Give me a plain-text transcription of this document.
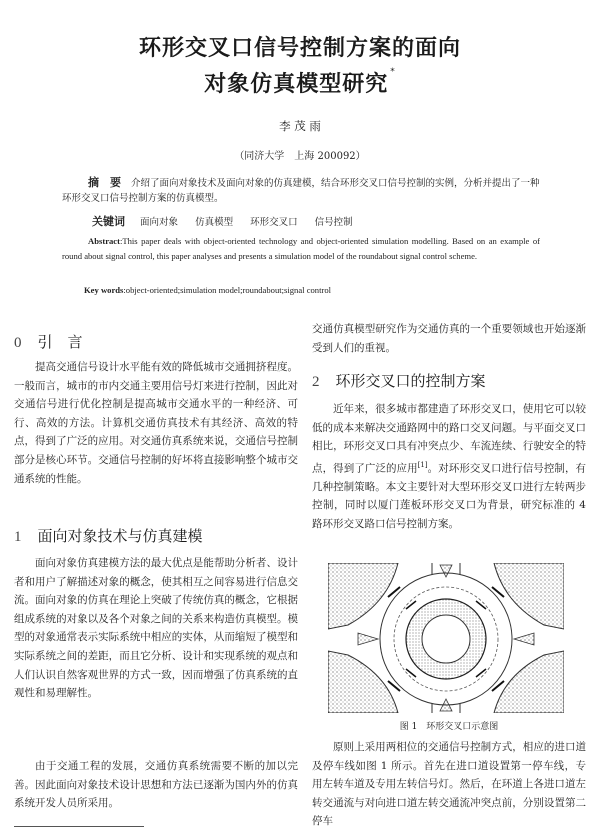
环形交叉口信号控制方案的面向
对象仿真模型研究 *
李 茂 雨
（同济大学　上海 200092）
摘　要 介绍了面向对象技术及面向对象的仿真建模，结合环形交叉口信号控制的实例，分析并提出了一种环形交叉口信号控制方案的仿真模型。
关键词 面向对象 仿真模型 环形交叉口 信号控制
Abstract:This paper deals with object-oriented technology and object-oriented simulation modelling. Based on an example of round about signal control, this paper analyses and presents a simulation model of the roundabout signal control scheme.
Key words:object-oriented;simulation model;roundabout;signal control
0 引　言
提高交通信号设计水平能有效的降低城市交通拥挤程度。一般而言，城市的市内交通主要用信号灯来进行控制，因此对交通信号进行优化控制是提高城市交通水平的一种经济、可行、高效的方法。计算机交通仿真技术有其经济、高效的特点，得到了广泛的应用。对交通仿真系统来说，交通信号控制部分是核心环节。交通信号控制的好坏将直接影响整个城市交通系统的性能。
1 面向对象技术与仿真建模
面向对象仿真建模方法的最大优点是能帮助分析者、设计者和用户了解描述对象的概念，使其相互之间容易进行信息交流。面向对象的仿真在理论上突破了传统仿真的概念，它根据组成系统的对象以及各个对象之间的关系来构造仿真模型。模型的对象通常表示实际系统中相应的实体，从而缩短了模型和实际系统之间的差距，而且它分析、设计和实现系统的观点和人们认识自然客观世界的方式一致，因而增强了仿真系统的直观性和易理解性。
由于交通工程的发展，交通仿真系统需要不断的加以完善。因此面向对象技术设计思想和方法已逐渐为国内外的仿真系统开发人员所采用。
交通仿真模型研究作为交通仿真的一个重要领域也开始逐渐受到人们的重视。
2 环形交叉口的控制方案
近年来，很多城市都建造了环形交叉口，使用它可以较低的成本来解决交通路网中的路口交叉问题。与平面交叉口相比，环形交叉口具有冲突点少、车流连续、行驶安全的特点，得到了广泛的应用[1]。对环形交叉口进行信号控制，有几种控制策略。本文主要针对大型环形交叉口进行左转两步控制，同时以厦门莲板环形交叉口为背景，研究标准的 4 路环形交叉路口信号控制方案。
图 1　环形交叉口示意图
原则上采用两相位的交通信号控制方式，相应的进口道及停车线如图 1 所示。首先在进口道设置第一停车线，专用左转车道及专用左转信号灯。然后，在环道上各进口道左转交通流与对向进口道左转交通流冲突点前，分别设置第二停车
